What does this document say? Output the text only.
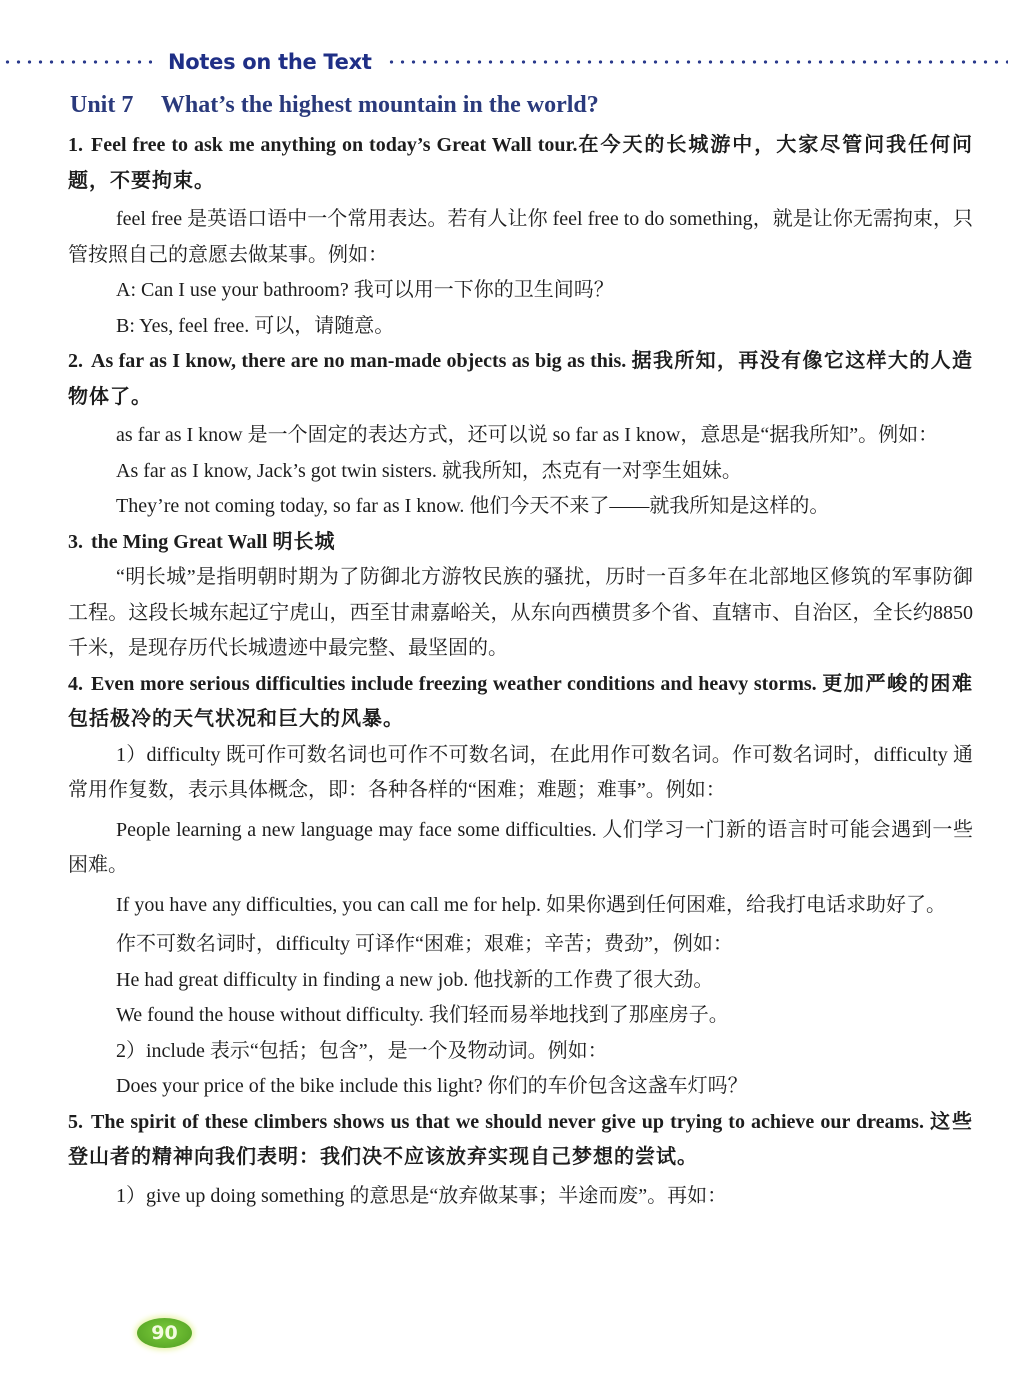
Notes on the Text
Unit 7 What’s the highest mountain in the world?

1. Feel free to ask me anything on today’s Great Wall tour.在今天的长城游中，大家尽管问我任何问题，不要拘束。

feel free 是英语口语中一个常用表达。若有人让你 feel free to do something，就是让你无需拘束，只管按照自己的意愿去做某事。例如：

A: Can I use your bathroom? 我可以用一下你的卫生间吗？

B: Yes, feel free. 可以，请随意。

2. As far as I know, there are no man-made objects as big as this. 据我所知，再没有像它这样大的人造物体了。

as far as I know 是一个固定的表达方式，还可以说 so far as I know，意思是“据我所知”。例如：

As far as I know, Jack’s got twin sisters. 就我所知，杰克有一对孪生姐妹。

They’re not coming today, so far as I know. 他们今天不来了——就我所知是这样的。

3. the Ming Great Wall 明长城

“明长城”是指明朝时期为了防御北方游牧民族的骚扰，历时一百多年在北部地区修筑的军事防御工程。这段长城东起辽宁虎山，西至甘肃嘉峪关，从东向西横贯多个省、直辖市、自治区，全长约8850千米，是现存历代长城遗迹中最完整、最坚固的。

4. Even more serious difficulties include freezing weather conditions and heavy storms. 更加严峻的困难包括极冷的天气状况和巨大的风暴。

1）difficulty 既可作可数名词也可作不可数名词，在此用作可数名词。作可数名词时，difficulty 通常用作复数，表示具体概念，即：各种各样的“困难；难题；难事”。例如：

People learning a new language may face some difficulties. 人们学习一门新的语言时可能会遇到一些困难。

If you have any difficulties, you can call me for help. 如果你遇到任何困难，给我打电话求助好了。

作不可数名词时，difficulty 可译作“困难；艰难；辛苦；费劲”，例如：

He had great difficulty in finding a new job. 他找新的工作费了很大劲。

We found the house without difficulty. 我们轻而易举地找到了那座房子。

2）include 表示“包括；包含”，是一个及物动词。例如：

Does your price of the bike include this light? 你们的车价包含这盏车灯吗？

5. The spirit of these climbers shows us that we should never give up trying to achieve our dreams. 这些登山者的精神向我们表明：我们决不应该放弃实现自己梦想的尝试。

1）give up doing something 的意思是“放弃做某事；半途而废”。再如：

90
